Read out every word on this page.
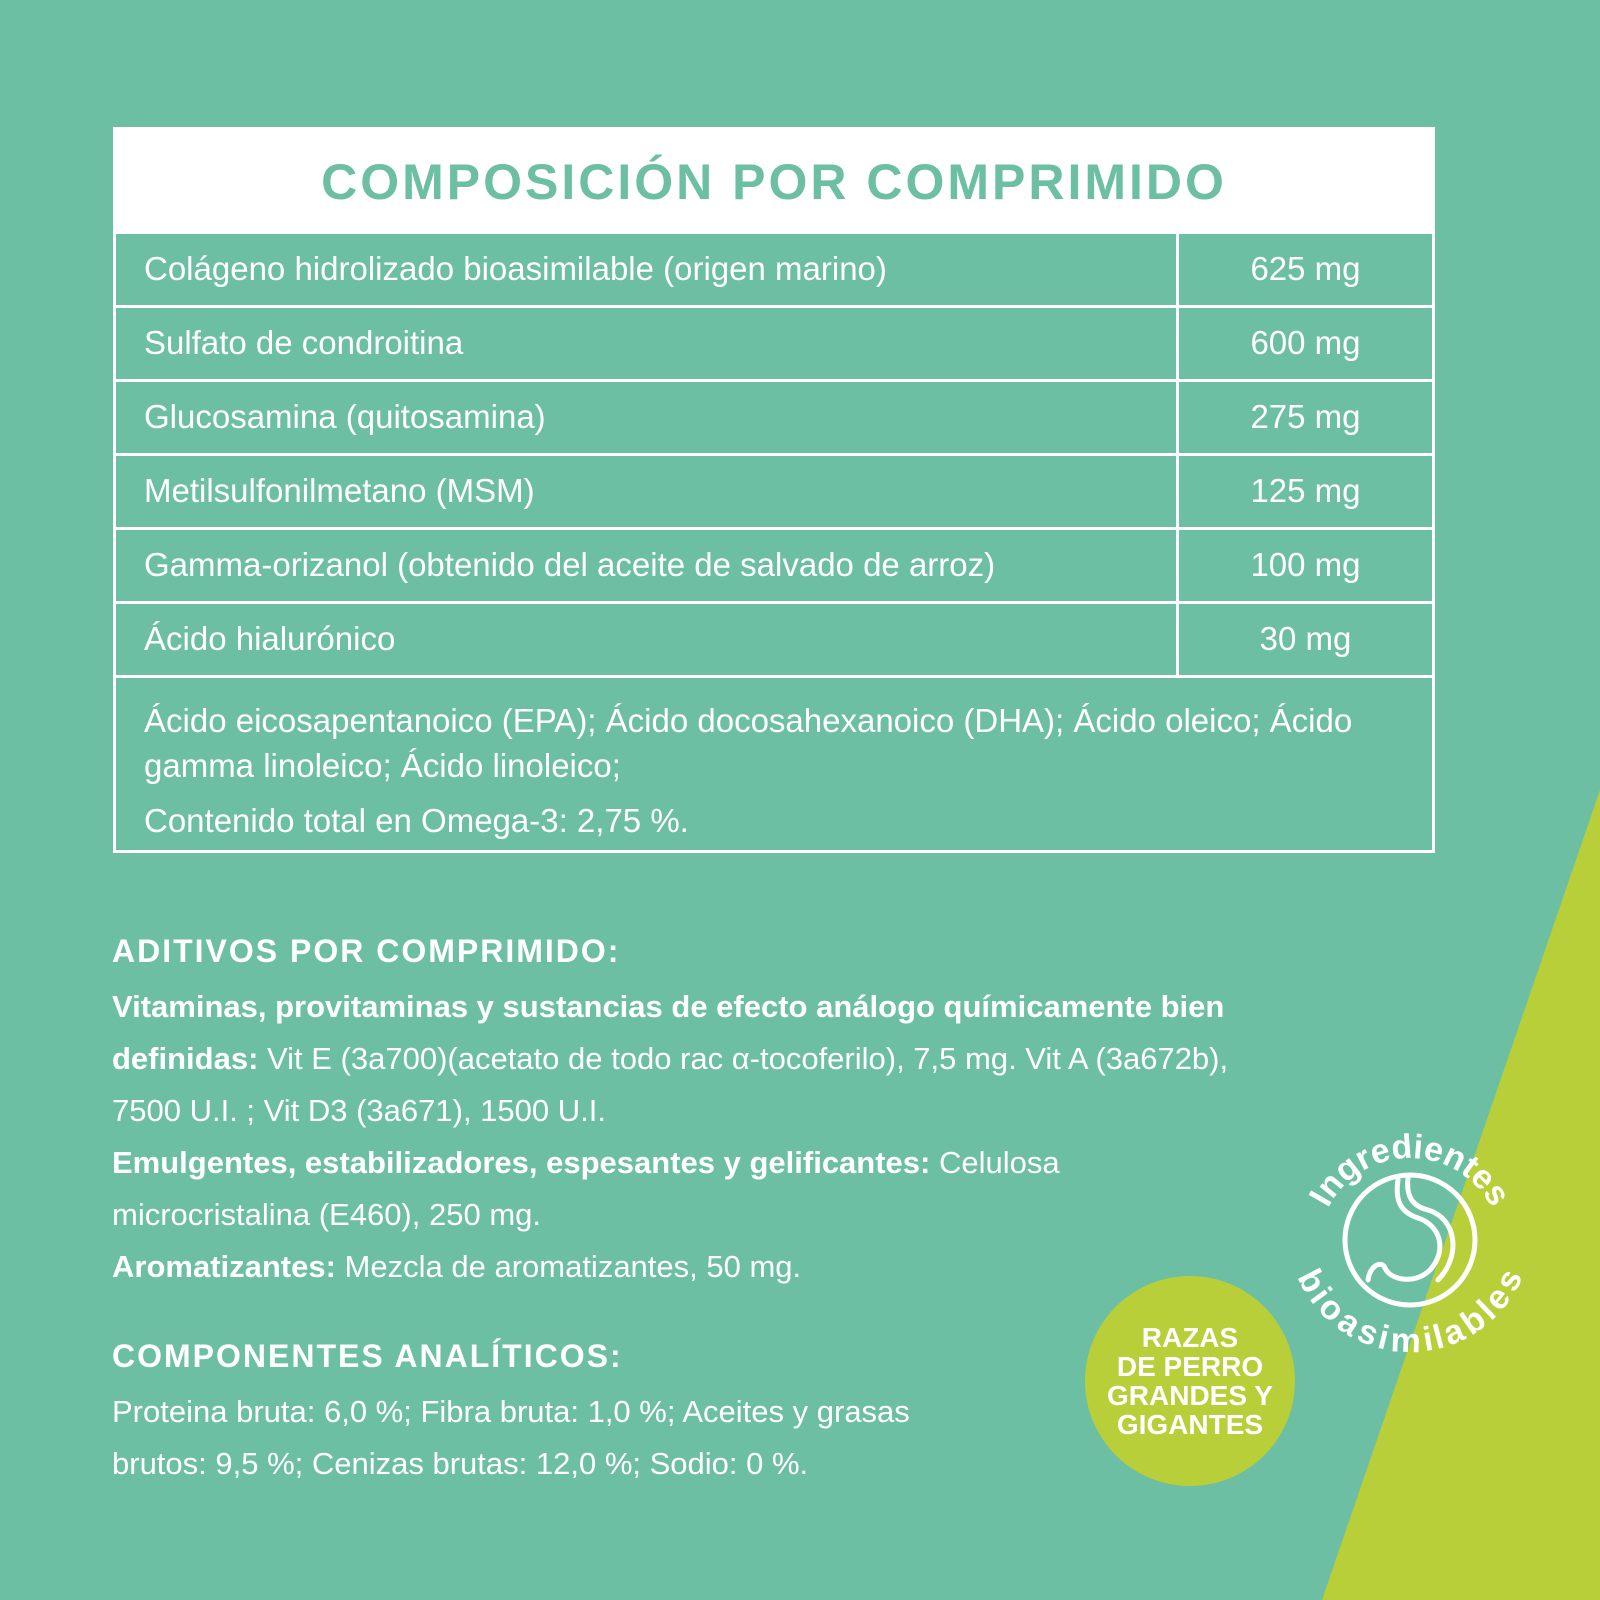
COMPOSICIÓN POR COMPRIMIDO
Colágeno hidrolizado bioasimilable (origen marino)	625 mg
Sulfato de condroitina	600 mg
Glucosamina (quitosamina)	275 mg
Metilsulfonilmetano (MSM)	125 mg
Gamma-orizanol (obtenido del aceite de salvado de arroz)	100 mg
Ácido hialurónico	30 mg

Ácido eicosapentanoico (EPA); Ácido docosahexanoico (DHA); Ácido oleico; Ácido gamma linoleico; Ácido linoleico;

Contenido total en Omega-3: 2,75 %.

ADITIVOS POR COMPRIMIDO:

Vitaminas, provitaminas y sustancias de efecto análogo químicamente bien definidas: Vit E (3a700)(acetato de todo rac α-tocoferilo), 7,5 mg. Vit A (3a672b), 7500 U.I. ; Vit D3 (3a671), 1500 U.I.

Emulgentes, estabilizadores, espesantes y gelificantes: Celulosa microcristalina (E460), 250 mg.

Aromatizantes: Mezcla de aromatizantes, 50 mg.

COMPONENTES ANALÍTICOS:

Proteina bruta: 6,0 %; Fibra bruta: 1,0 %; Aceites y grasas brutos: 9,5 %; Cenizas brutas: 12,0 %; Sodio: 0 %.

RAZAS
DE PERRO
GRANDES Y
GIGANTES
Ingredientes
bioasimilables
